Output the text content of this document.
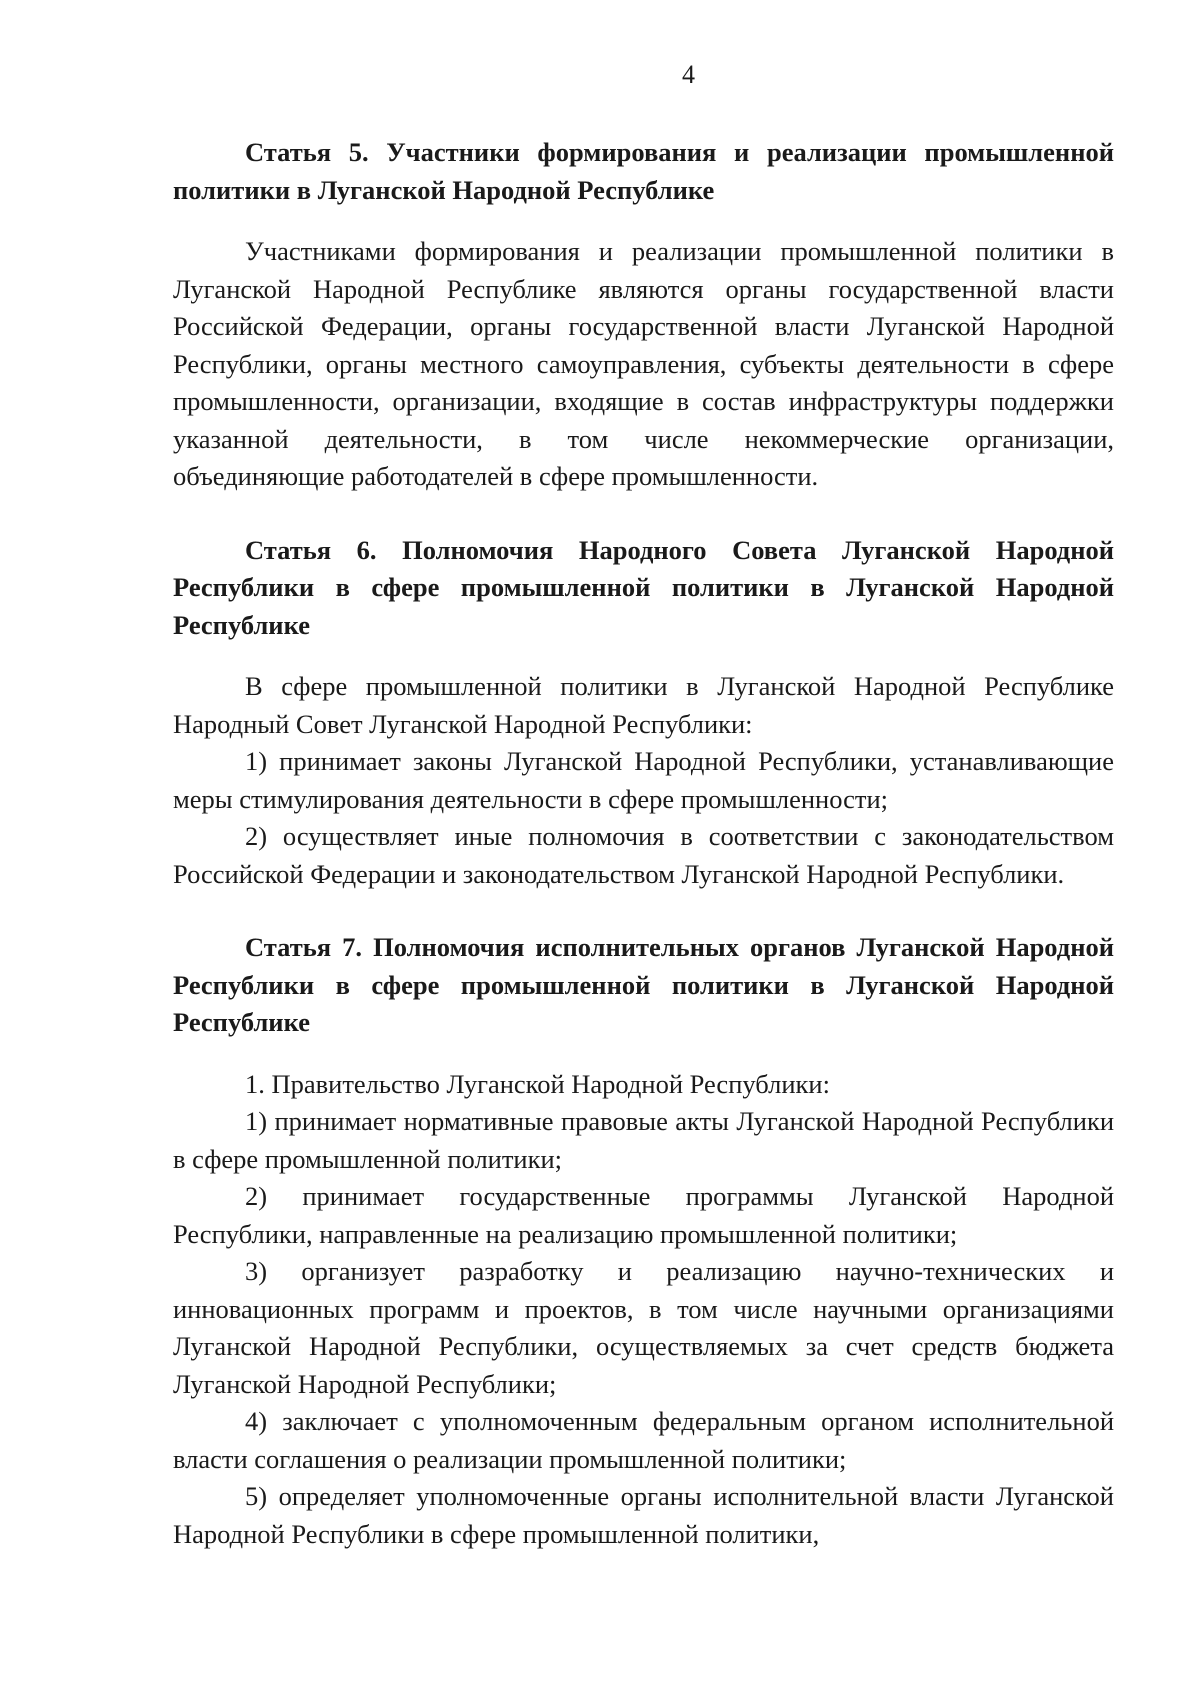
4
Статья 5. Участники формирования и реализации промышленной политики в Луганской Народной Республике

Участниками формирования и реализации промышленной политики в Луганской Народной Республике являются органы государственной власти Российской Федерации, органы государственной власти Луганской Народной Республики, органы местного самоуправления, субъекты деятельности в сфере промышленности, организации, входящие в состав инфраструктуры поддержки указанной деятельности, в том числе некоммерческие организации, объединяющие работодателей в сфере промышленности.

Статья 6. Полномочия Народного Совета Луганской Народной Республики в сфере промышленной политики в Луганской Народной Республике

В сфере промышленной политики в Луганской Народной Республике Народный Совет Луганской Народной Республики:

1) принимает законы Луганской Народной Республики, устанавливающие меры стимулирования деятельности в сфере промышленности;

2) осуществляет иные полномочия в соответствии с законодательством Российской Федерации и законодательством Луганской Народной Республики.

Статья 7. Полномочия исполнительных органов Луганской Народной Республики в сфере промышленной политики в Луганской Народной Республике

1. Правительство Луганской Народной Республики:

1) принимает нормативные правовые акты Луганской Народной Республики в сфере промышленной политики;

2) принимает государственные программы Луганской Народной Республики, направленные на реализацию промышленной политики;

3) организует разработку и реализацию научно-технических и инновационных программ и проектов, в том числе научными организациями Луганской Народной Республики, осуществляемых за счет средств бюджета Луганской Народной Республики;

4) заключает с уполномоченным федеральным органом исполнительной власти соглашения о реализации промышленной политики;

5) определяет уполномоченные органы исполнительной власти Луганской Народной Республики в сфере промышленной политики,
